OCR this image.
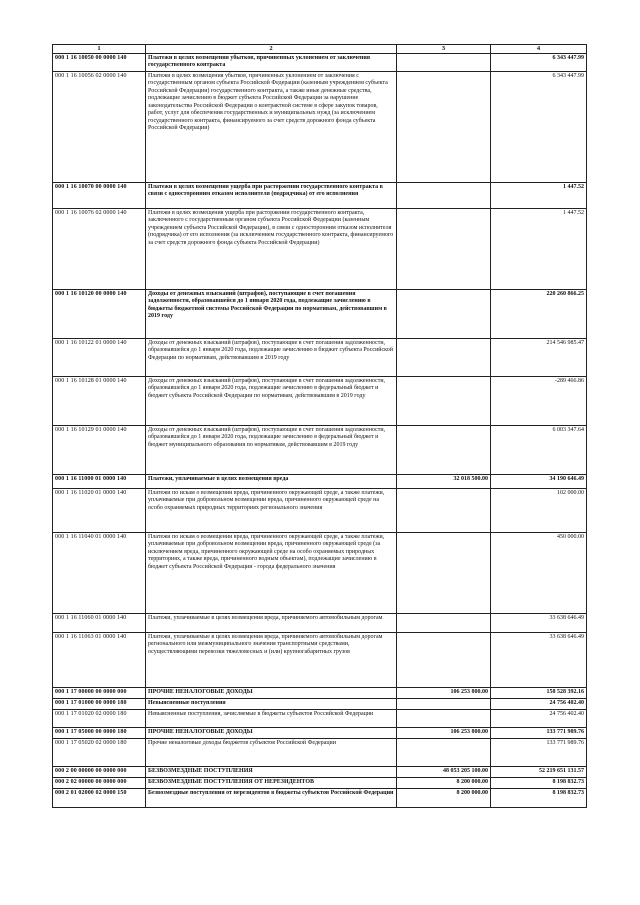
1	2	3	4
000 1 16 10050 00 0000 140	Платежи в целях возмещения убытков, причиненных уклонением от заключения государственного контракта		6 343 447.99
000 1 16 10056 02 0000 140	Платежи в целях возмещения убытков, причиненных уклонением от заключения с государственным органом субъекта Российской Федерации (казенным учреждением субъекта Российской Федерации) государственного контракта, а также иные денежные средства, подлежащие зачислению в бюджет субъекта Российской Федерации за нарушение законодательства Российской Федерации о контрактной системе в сфере закупок товаров, работ, услуг для обеспечения государственных и муниципальных нужд (за исключением государственного контракта, финансируемого за счет средств дорожного фонда субъекта Российской Федерации)		6 343 447.99
000 1 16 10070 00 0000 140	Платежи в целях возмещения ущерба при расторжении государственного контракта в связи с односторонним отказом исполнителя (подрядчика) от его исполнения		1 447.52
000 1 16 10076 02 0000 140	Платежи в целях возмещения ущерба при расторжении государственного контракта, заключенного с государственным органом субъекта Российской Федерации (казенным учреждением субъекта Российской Федерации), в связи с односторонним отказом исполнителя (подрядчика) от его исполнения (за исключением государственного контракта, финансируемого за счет средств дорожного фонда субъекта Российской Федерации)		1 447.52
000 1 16 10120 00 0000 140	Доходы от денежных взысканий (штрафов), поступающие в счет погашения задолженности, образовавшейся до 1 января 2020 года, подлежащие зачислению в бюджеты бюджетной системы Российской Федерации по нормативам, действовавшим в 2019 году		220 260 866.25
000 1 16 10122 01 0000 140	Доходы от денежных взысканий (штрафов), поступающие в счет погашения задолженности, образовавшейся до 1 января 2020 года, подлежащие зачислению в бюджет субъекта Российской Федерации по нормативам, действовавшим в 2019 году		214 546 985.47
000 1 16 10128 01 0000 140	Доходы от денежных взысканий (штрафов), поступающие в счет погашения задолженности, образовавшейся до 1 января 2020 года, подлежащие зачислению в федеральный бюджет и бюджет субъекта Российской Федерации по нормативам, действовавшим в 2019 году		-289 466.86
000 1 16 10129 01 0000 140	Доходы от денежных взысканий (штрафов), поступающие в счет погашения задолженности, образовавшейся до 1 января 2020 года, подлежащие зачислению в федеральный бюджет и бюджет муниципального образования по нормативам, действовавшим в 2019 году		6 003 347.64
000 1 16 11000 01 0000 140	Платежи, уплачиваемые в целях возмещения вреда	32 018 500.00	34 190 646.49
000 1 16 11020 01 0000 140	Платежи по искам о возмещении вреда, причиненного окружающей среде, а также платежи, уплачиваемые при добровольном возмещении вреда, причиненного окружающей среде на особо охраняемых природных территориях регионального значения		102 000.00
000 1 16 11040 01 0000 140	Платежи по искам о возмещении вреда, причиненного окружающей среде, а также платежи, уплачиваемые при добровольном возмещении вреда, причиненного окружающей среде (за исключением вреда, причиненного окружающей среде на особо охраняемых природных территориях, а также вреда, причиненного водным объектам), подлежащие зачислению в бюджет субъекта Российской Федерации - города федерального значения		450 000.00
000 1 16 11060 01 0000 140	Платежи, уплачиваемые в целях возмещения вреда, причиняемого автомобильным дорогам		33 638 646.49
000 1 16 11063 01 0000 140	Платежи, уплачиваемые в целях возмещения вреда, причиняемого автомобильным дорогам регионального или межмуниципального значения транспортными средствами, осуществляющими перевозки тяжеловесных и (или) крупногабаритных грузов		33 638 646.49
000 1 17 00000 00 0000 000	ПРОЧИЕ НЕНАЛОГОВЫЕ ДОХОДЫ	106 253 800.00	158 528 392.16
000 1 17 01000 00 0000 180	Невыясненные поступления		24 756 402.40
000 1 17 01020 02 0000 180	Невыясненные поступления, зачисляемые в бюджеты субъектов Российской Федерации		24 756 402.40
000 1 17 05000 00 0000 180	ПРОЧИЕ НЕНАЛОГОВЫЕ ДОХОДЫ	106 253 800.00	133 771 989.76
000 1 17 05020 02 0000 180	Прочие неналоговые доходы бюджетов субъектов Российской Федерации		133 771 989.76
000 2 00 00000 00 0000 000	БЕЗВОЗМЕЗДНЫЕ ПОСТУПЛЕНИЯ	48 053 205 100.00	52 219 651 131.57
000 2 02 00000 00 0000 000	БЕЗВОЗМЕЗДНЫЕ ПОСТУПЛЕНИЯ ОТ НЕРЕЗИДЕНТОВ	8 200 000.00	8 198 832.73
000 2 01 02000 02 0000 150	Безвозмездные поступления от нерезидентов в бюджеты субъектов Российской Федерации	8 200 000.00	8 198 832.73
